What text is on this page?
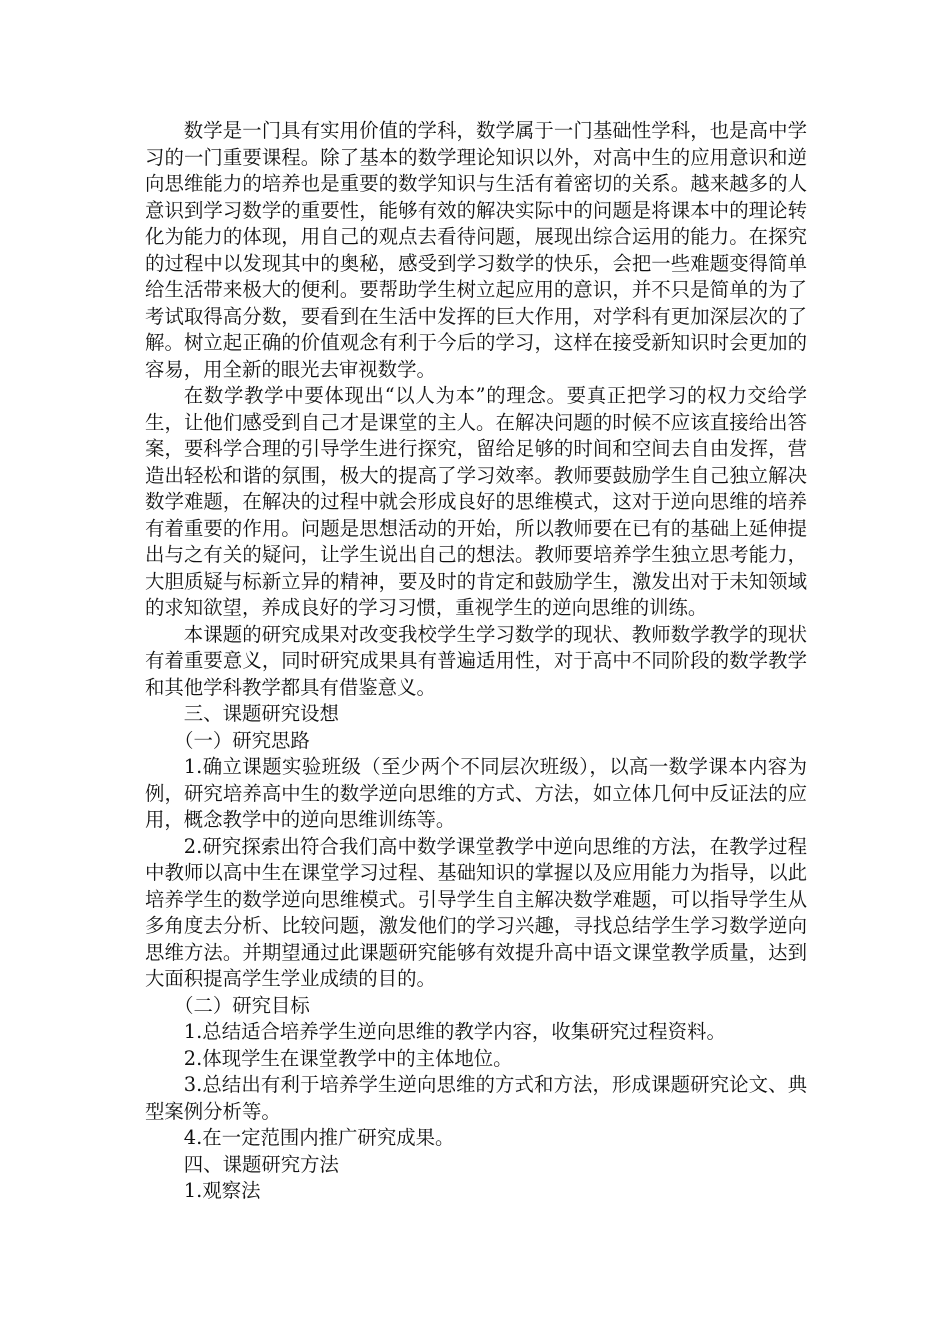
数学是一门具有实用价值的学科，数学属于一门基础性学科，也是高中学习的一门重要课程。除了基本的数学理论知识以外，对高中生的应用意识和逆向思维能力的培养也是重要的数学知识与生活有着密切的关系。越来越多的人意识到学习数学的重要性，能够有效的解决实际中的问题是将课本中的理论转化为能力的体现，用自己的观点去看待问题，展现出综合运用的能力。在探究的过程中以发现其中的奥秘，感受到学习数学的快乐，会把一些难题变得简单给生活带来极大的便利。要帮助学生树立起应用的意识，并不只是简单的为了考试取得高分数，要看到在生活中发挥的巨大作用，对学科有更加深层次的了解。树立起正确的价值观念有利于今后的学习，这样在接受新知识时会更加的容易，用全新的眼光去审视数学。

在数学教学中要体现出“以人为本”的理念。要真正把学习的权力交给学生，让他们感受到自己才是课堂的主人。在解决问题的时候不应该直接给出答案，要科学合理的引导学生进行探究，留给足够的时间和空间去自由发挥，营造出轻松和谐的氛围，极大的提高了学习效率。教师要鼓励学生自己独立解决数学难题，在解决的过程中就会形成良好的思维模式，这对于逆向思维的培养有着重要的作用。问题是思想活动的开始，所以教师要在已有的基础上延伸提出与之有关的疑问，让学生说出自己的想法。教师要培养学生独立思考能力，大胆质疑与标新立异的精神，要及时的肯定和鼓励学生，激发出对于未知领域的求知欲望，养成良好的学习习惯，重视学生的逆向思维的训练。

本课题的研究成果对改变我校学生学习数学的现状、教师数学教学的现状有着重要意义，同时研究成果具有普遍适用性，对于高中不同阶段的数学教学和其他学科教学都具有借鉴意义。

三、课题研究设想

（一）研究思路

1.确立课题实验班级（至少两个不同层次班级），以高一数学课本内容为例，研究培养高中生的数学逆向思维的方式、方法，如立体几何中反证法的应用，概念教学中的逆向思维训练等。

2.研究探索出符合我们高中数学课堂教学中逆向思维的方法，在教学过程中教师以高中生在课堂学习过程、基础知识的掌握以及应用能力为指导，以此培养学生的数学逆向思维模式。引导学生自主解决数学难题，可以指导学生从多角度去分析、比较问题，激发他们的学习兴趣，寻找总结学生学习数学逆向思维方法。并期望通过此课题研究能够有效提升高中语文课堂教学质量，达到大面积提高学生学业成绩的目的。

（二）研究目标

1.总结适合培养学生逆向思维的教学内容，收集研究过程资料。

2.体现学生在课堂教学中的主体地位。

3.总结出有利于培养学生逆向思维的方式和方法，形成课题研究论文、典型案例分析等。

4.在一定范围内推广研究成果。

四、课题研究方法

1.观察法
